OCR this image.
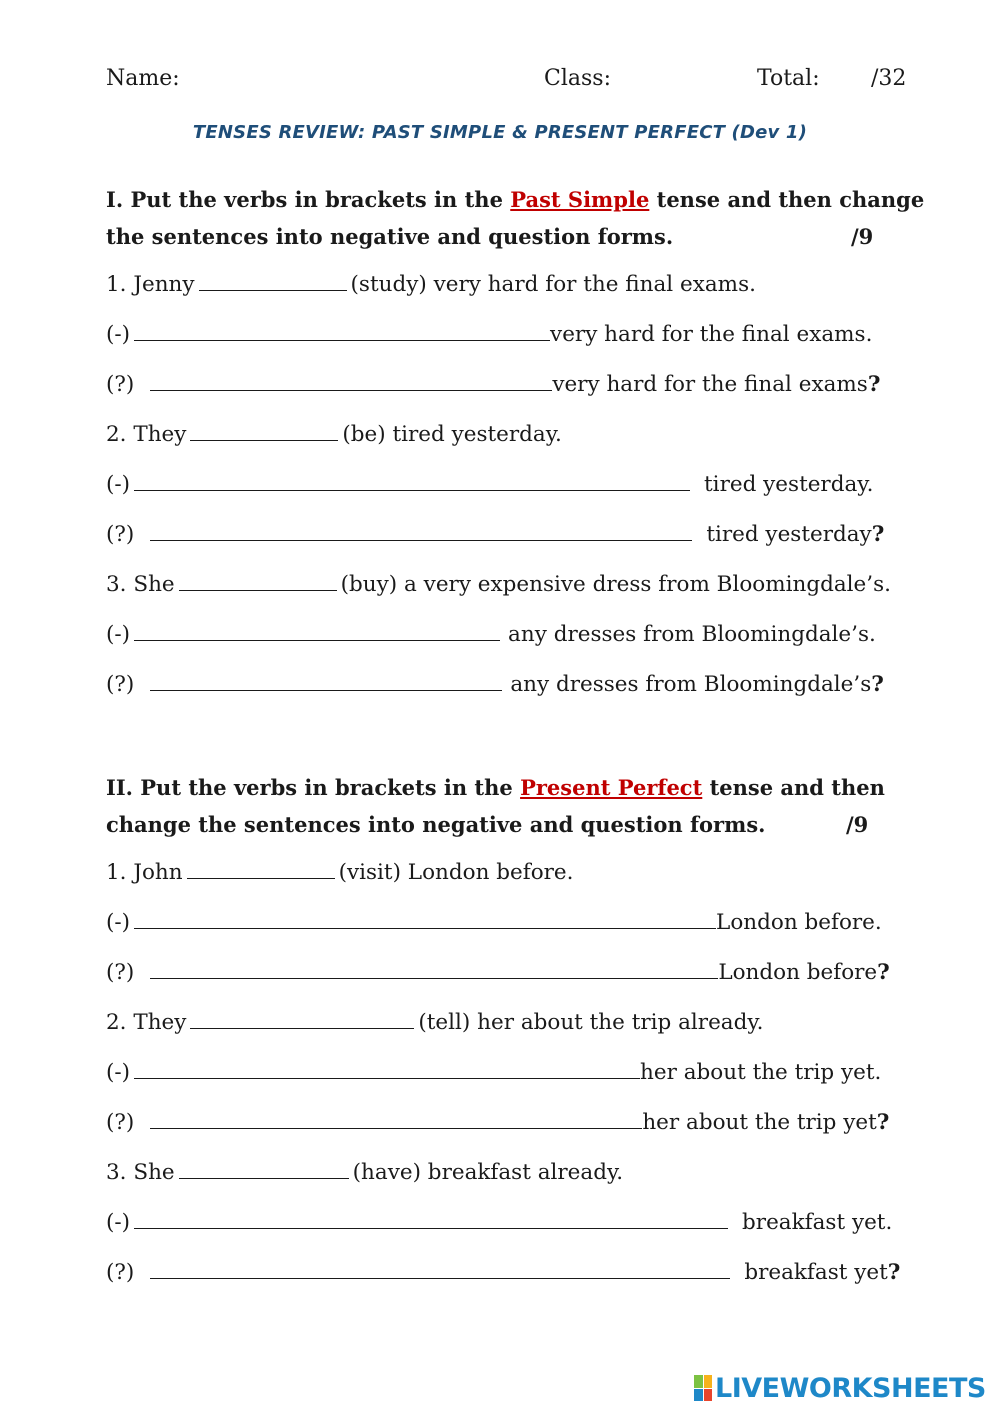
Name:	Class:	Total: /32
TENSES REVIEW: PAST SIMPLE & PRESENT PERFECT (Dev 1)
I. Put the verbs in brackets in the Past Simple tense and then change
the sentences into negative and question forms.	/9
1. Jenny	(study) very hard for the final exams.
(-)	very hard for the final exams.
(?)	very hard for the final exams?
2. They	(be) tired yesterday.
(-)	tired yesterday.
(?)	tired yesterday?
3. She	(buy) a very expensive dress from Bloomingdale’s.
(-)	any dresses from Bloomingdale’s.
(?)	any dresses from Bloomingdale’s?
II. Put the verbs in brackets in the Present Perfect tense and then
change the sentences into negative and question forms.	/9
1. John	(visit) London before.
(-)	London before.
(?)	London before?
2. They	(tell) her about the trip already.
(-)	her about the trip yet.
(?)	her about the trip yet?
3. She	(have) breakfast already.
(-)	breakfast yet.
(?)	breakfast yet?
LIVEWORKSHEETS
